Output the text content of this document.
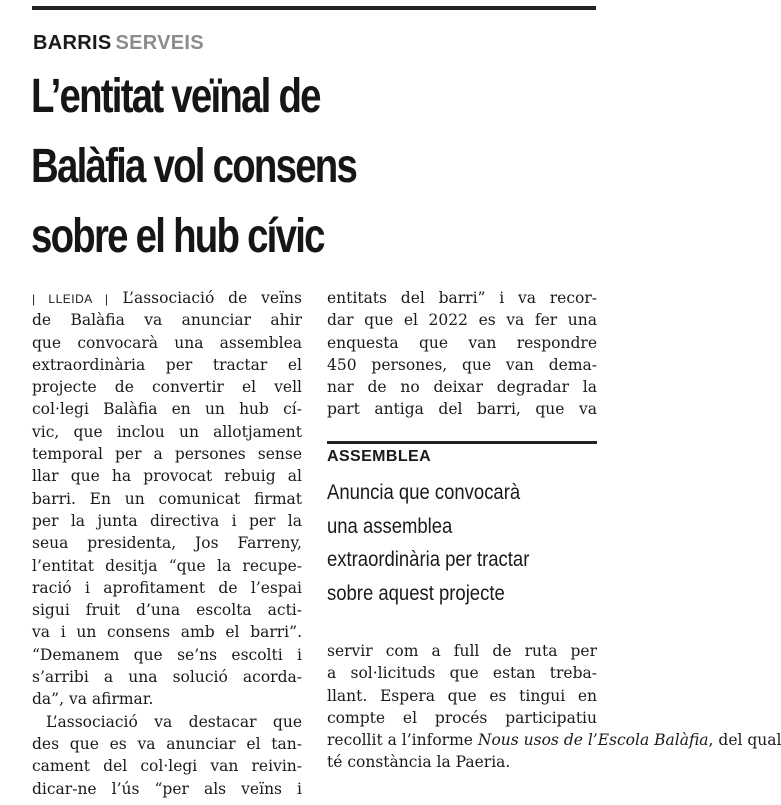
BARRIS SERVEIS
L’entitat veïnal de
Balàfia vol consens
sobre el hub cívic
| LLEIDA | L’associació de veïns
de Balàfia va anunciar ahir
que convocarà una assemblea
extraordinària per tractar el
projecte de convertir el vell
col·legi Balàfia en un hub cí-
vic, que inclou un allotjament
temporal per a persones sense
llar que ha provocat rebuig al
barri. En un comunicat firmat
per la junta directiva i per la
seua presidenta, Jos Farreny,
l’entitat desitja “que la recupe-
ració i aprofitament de l’espai
sigui fruit d’una escolta acti-
va i un consens amb el barri”.
“Demanem que se’ns escolti i
s’arribi a una solució acorda-
da”, va afirmar.
L’associació va destacar que
des que es va anunciar el tan-
cament del col·legi van reivin-
dicar-ne l’ús “per als veïns i
entitats del barri” i va recor-
dar que el 2022 es va fer una
enquesta que van respondre
450 persones, que van dema-
nar de no deixar degradar la
part antiga del barri, que va
ASSEMBLEA
Anuncia que convocarà
una assemblea
extraordinària per tractar
sobre aquest projecte
servir com a full de ruta per
a sol·licituds que estan treba-
llant. Espera que es tingui en
compte el procés participatiu
recollit a l’informe Nous usos de l’Escola Balàfia, del qual
té constància la Paeria.
